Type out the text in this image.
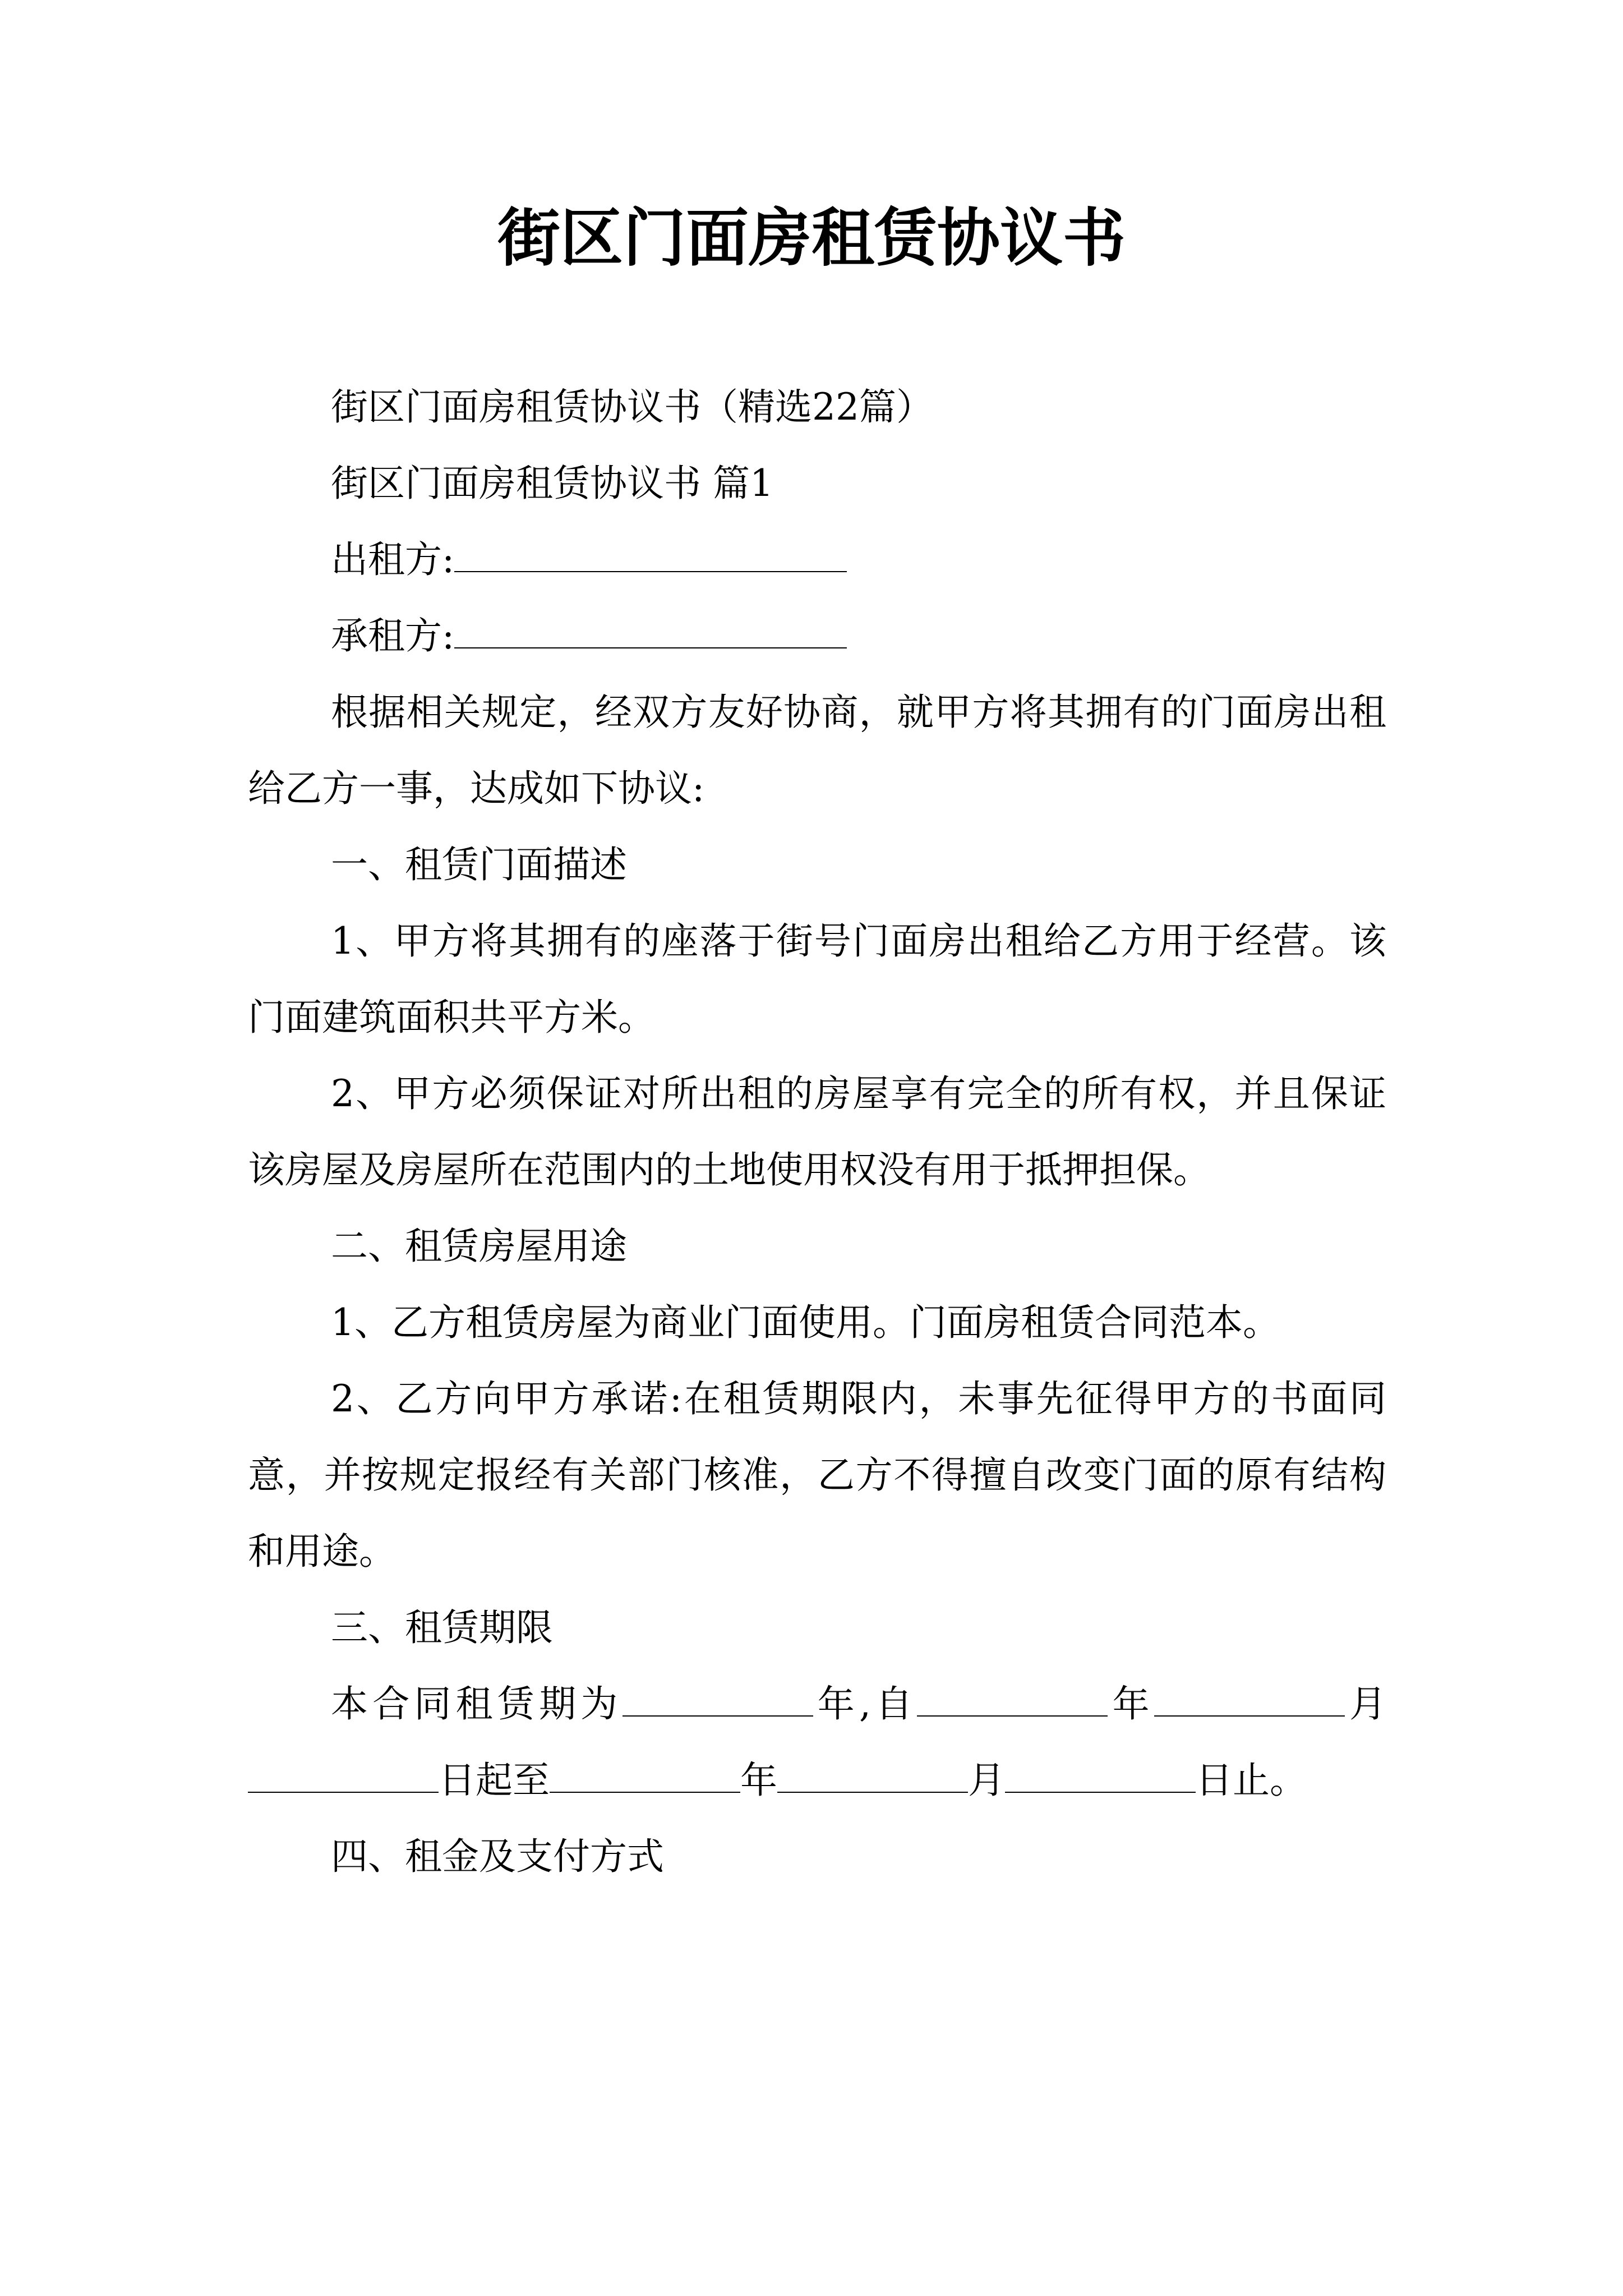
街区门面房租赁协议书

街区门面房租赁协议书（精选22篇）

街区门面房租赁协议书 篇1

出租方:

承租方:

根据相关规定，经双方友好协商，就甲方将其拥有的门面房出租给乙方一事，达成如下协议:

一、租赁门面描述

1、甲方将其拥有的座落于街号门面房出租给乙方用于经营。该门面建筑面积共平方米。

2、甲方必须保证对所出租的房屋享有完全的所有权，并且保证该房屋及房屋所在范围内的土地使用权没有用于抵押担保。

二、租赁房屋用途

1、乙方租赁房屋为商业门面使用。门面房租赁合同范本。

2、乙方向甲方承诺:在租赁期限内，未事先征得甲方的书面同意，并按规定报经有关部门核准，乙方不得擅自改变门面的原有结构和用途。

三、租赁期限

本合同租赁期为	年,自	年	月日起至	年	月	日止。

四、租金及支付方式
